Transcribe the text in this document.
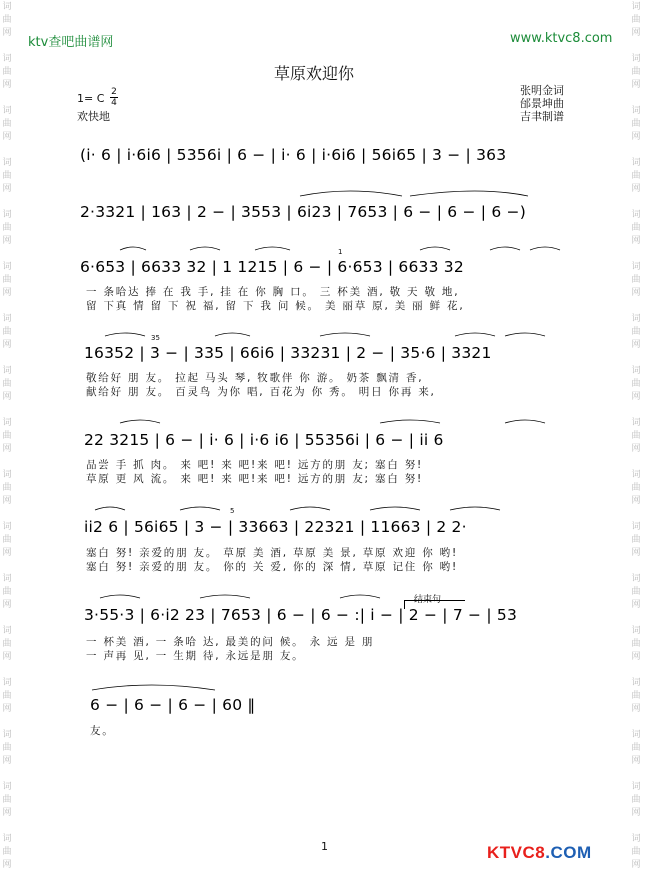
词
曲
网
词
曲
网
词
曲
网
词
曲
网
词
曲
网
词
曲
网
词
曲
网
词
曲
网
词
曲
网
词
曲
网
词
曲
网
词
曲
网
词
曲
网
词
曲
网
词
曲
网
词
曲
网
词
曲
网
词
曲
网
词
曲
网
词
曲
网
词
曲
网
词
曲
网
词
曲
网
词
曲
网
词
曲
网
词
曲
网
词
曲
网
词
曲
网
词
曲
网
词
曲
网
词
曲
网
词
曲
网
词
曲
网
词
曲
网
ktv查吧曲谱网	www.ktvc8.com
草原欢迎你
1= C 2
4
欢快地
张明金词
邰景坤曲
吉聿制谱
(i· 6 | i·6i6 | 5356i | 6 − | i· 6 | i·6i6 | 56i65 | 3 − | 363
2·3321 | 163 | 2 − | 3553 | 6i23 | 7653 | 6 − | 6 − | 6 −)
6·653 | 6633 32 | 1 1215 | 6 − | 6·653 | 6633 32
1
一 条哈达 捧 在 我 手, 挂 在 你 胸 口。 三 杯美 酒, 敬 天 敬 地,
留 下真 情 留 下 祝 福, 留 下 我 问 候。 美 丽草 原, 美 丽 鲜 花,
16352 | 3 − | 335 | 66i6 | 33231 | 2 − | 35·6 | 3321
35
敬给好 朋 友。 拉起 马头 琴, 牧歌伴 你 游。 奶茶 飘清 香,
献给好 朋 友。 百灵鸟 为你 唱, 百花为 你 秀。 明日 你再 来,
22 3215 | 6 − | i· 6 | i·6 i6 | 55356i | 6 − | ii 6
品尝 手 抓 肉。 来 吧! 来 吧!来 吧! 远方的朋 友; 塞白 努!
草原 更 风 流。 来 吧! 来 吧!来 吧! 远方的朋 友; 塞白 努!
ii2 6 | 56i65 | 3 − | 33663 | 22321 | 11663 | 2 2·
5
塞白 努! 亲爱的朋 友。 草原 美 酒, 草原 美 景, 草原 欢迎 你 哟!
塞白 努! 亲爱的朋 友。 你的 关 爱, 你的 深 情, 草原 记住 你 哟!
结束句
3·55·3 | 6·i2 23 | 7653 | 6 − | 6 − :| i − | 2 − | 7 − | 53
一 杯美 酒, 一 条哈 达, 最美的问 候。 永 远 是 朋
一 声再 见, 一 生期 待, 永远是朋 友。
6 − | 6 − | 6 − | 60 ‖
友。
1	KTVC8.COM
